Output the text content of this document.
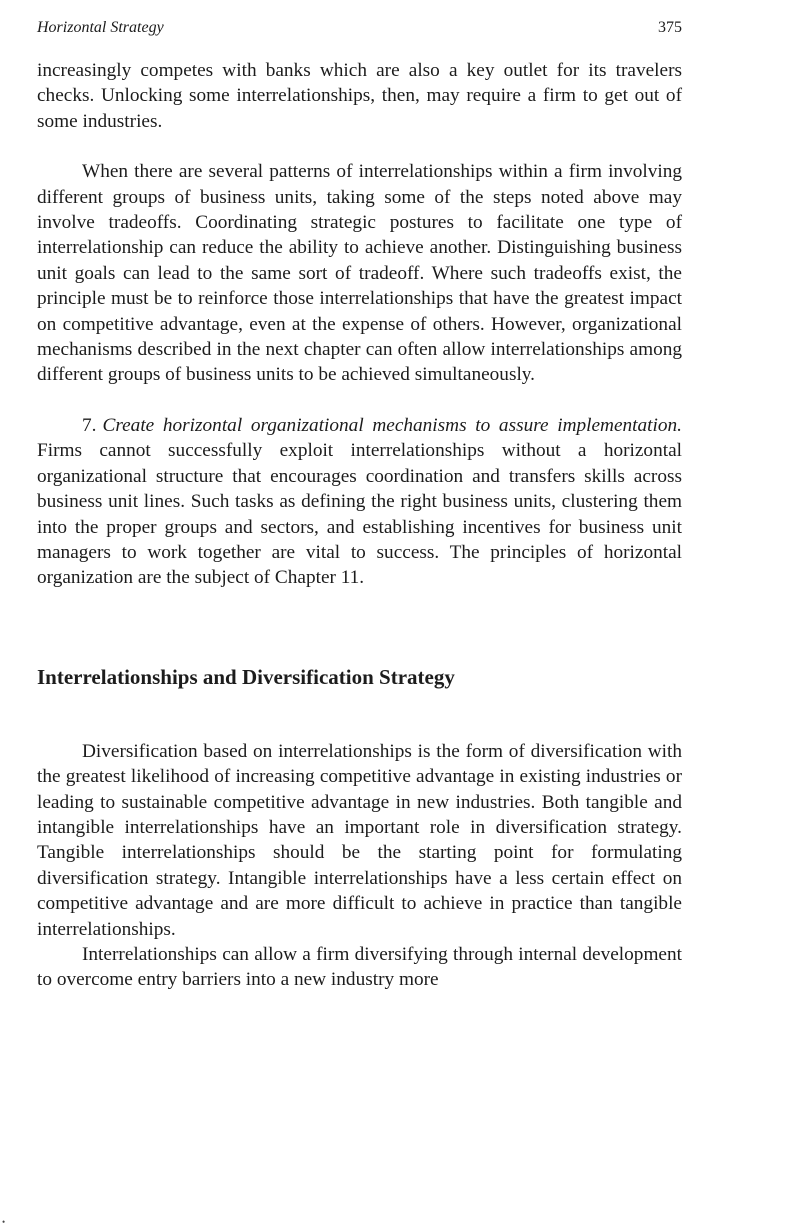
Horizontal Strategy	375

increasingly competes with banks which are also a key outlet for its travelers checks. Unlocking some interrelationships, then, may require a firm to get out of some industries.

When there are several patterns of interrelationships within a firm involving different groups of business units, taking some of the steps noted above may involve tradeoffs. Coordinating strategic postures to facilitate one type of interrelationship can reduce the ability to achieve another. Distinguishing business unit goals can lead to the same sort of tradeoff. Where such tradeoffs exist, the principle must be to reinforce those interrelationships that have the greatest impact on competitive advantage, even at the expense of others. However, organizational mechanisms described in the next chapter can often allow interrelationships among different groups of business units to be achieved simultaneously.

7. Create horizontal organizational mechanisms to assure implementation. Firms cannot successfully exploit interrelationships without a horizontal organizational structure that encourages coordination and transfers skills across business unit lines. Such tasks as defining the right business units, clustering them into the proper groups and sectors, and establishing incentives for business unit managers to work together are vital to success. The principles of horizontal organization are the subject of Chapter 11.

Interrelationships and Diversification Strategy

Diversification based on interrelationships is the form of diversification with the greatest likelihood of increasing competitive advantage in existing industries or leading to sustainable competitive advantage in new industries. Both tangible and intangible interrelationships have an important role in diversification strategy. Tangible interrelationships should be the starting point for formulating diversification strategy. Intangible interrelationships have a less certain effect on competitive advantage and are more difficult to achieve in practice than tangible interrelationships.

Interrelationships can allow a firm diversifying through internal development to overcome entry barriers into a new industry more

•
